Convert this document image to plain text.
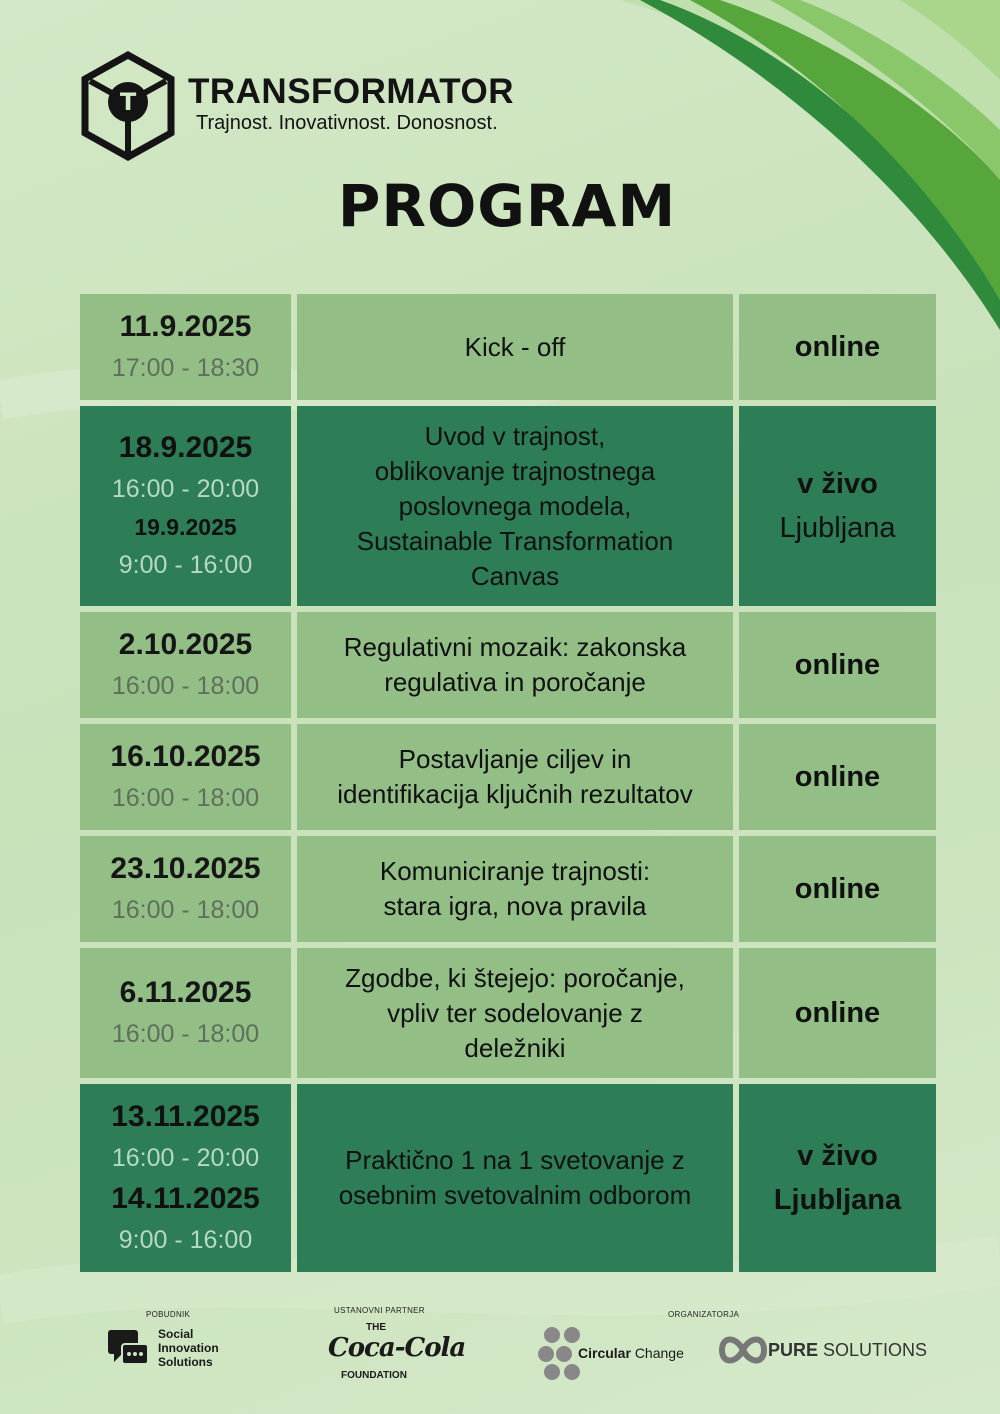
T TRANSFORMATOR
Trajnost. Inovativnost. Donosnost.
PROGRAM
11.9.2025
17:00 - 18:30
Kick - off	online
18.9.2025
16:00 - 20:00
19.9.2025
9:00 - 16:00
Uvod v trajnost,
oblikovanje trajnostnega
poslovnega modela,
Sustainable Transformation
Canvas
v živo
Ljubljana
2.10.2025
16:00 - 18:00
Regulativni mozaik: zakonska
regulativa in poročanje
online
16.10.2025
16:00 - 18:00
Postavljanje ciljev in
identifikacija ključnih rezultatov
online
23.10.2025
16:00 - 18:00
Komuniciranje trajnosti:
stara igra, nova pravila
online
6.11.2025
16:00 - 18:00
Zgodbe, ki štejejo: poročanje,
vpliv ter sodelovanje z
deležniki
online
13.11.2025
16:00 - 20:00
14.11.2025
9:00 - 16:00
Praktično 1 na 1 svetovanje z
osebnim svetovalnim odborom
v živo
Ljubljana
POBUDNIK
Social
Innovation
Solutions
USTANOVNI PARTNER
THE
Coca-Cola
FOUNDATION
ORGANIZATORJA
Circular Change	PURE SOLUTIONS
